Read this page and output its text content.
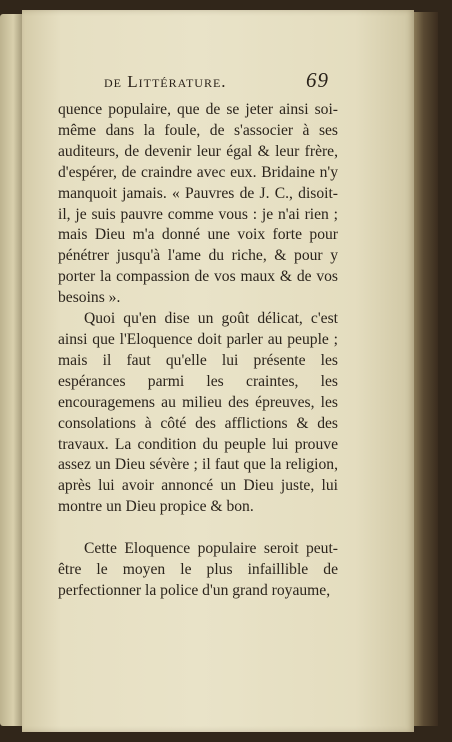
de Littérature.	69

quence populaire, que de se jeter ainsi soi-même dans la foule, de s'associer à ses auditeurs, de devenir leur égal & leur frère, d'espérer, de craindre avec eux. Bridaine n'y manquoit jamais. « Pauvres de J. C., disoit-il, je suis pauvre comme vous : je n'ai rien ; mais Dieu m'a donné une voix forte pour pénétrer jusqu'à l'ame du riche, & pour y porter la compassion de vos maux & de vos besoins ».

Quoi qu'en dise un goût délicat, c'est ainsi que l'Eloquence doit parler au peuple ; mais il faut qu'elle lui présente les espérances parmi les craintes, les encouragemens au milieu des épreuves, les consolations à côté des afflictions & des travaux. La condition du peuple lui prouve assez un Dieu sévère ; il faut que la religion, après lui avoir annoncé un Dieu juste, lui montre un Dieu propice & bon.

Cette Eloquence populaire seroit peut-être le moyen le plus infaillible de perfectionner la police d'un grand royaume,
